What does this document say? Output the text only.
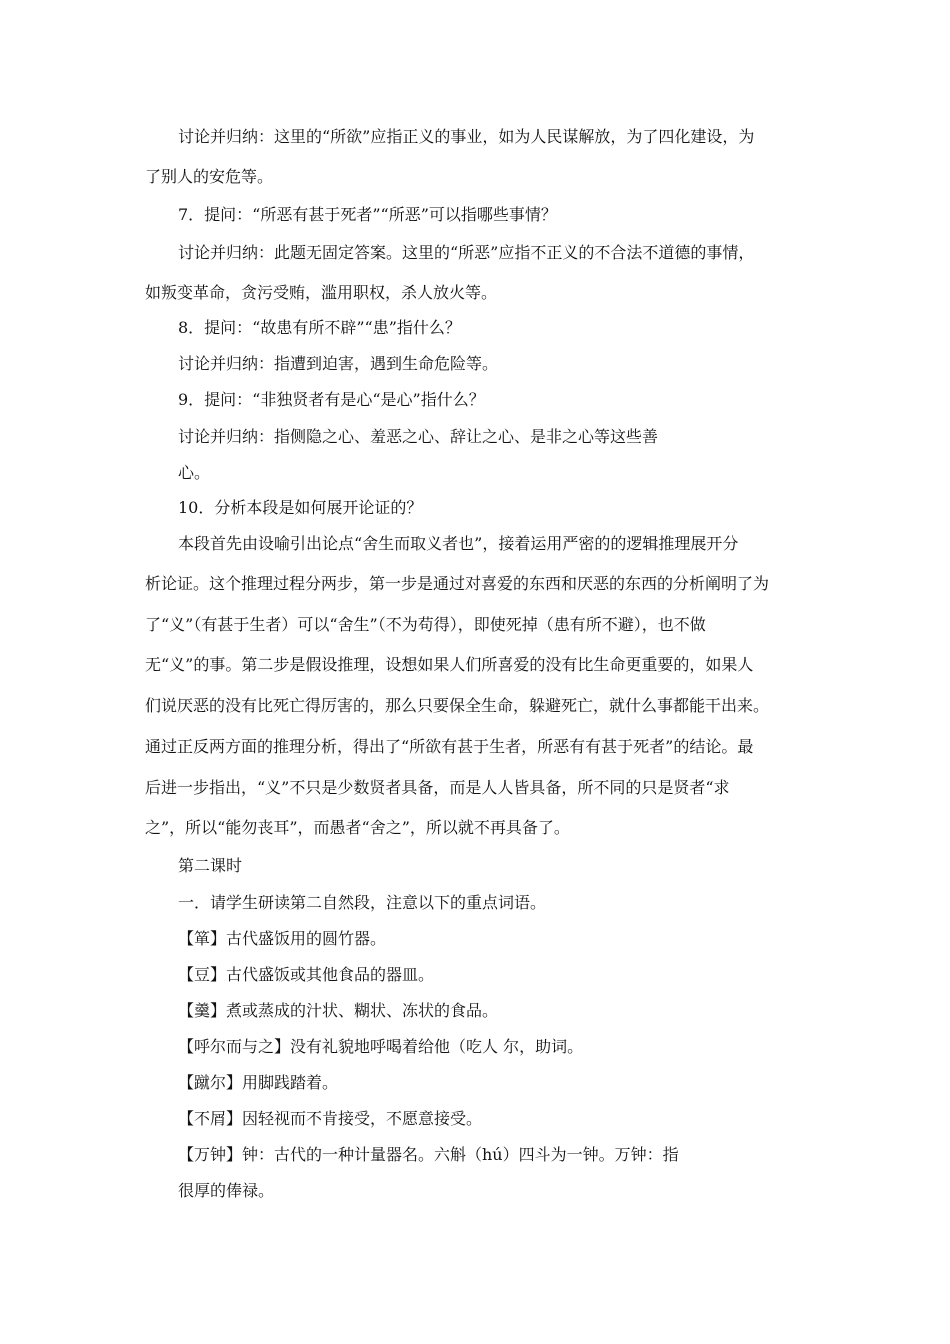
讨论并归纳：这里的“所欲”应指正义的事业，如为人民谋解放，为了四化建设，为
了别人的安危等。
7．提问：“所恶有甚于死者”“所恶”可以指哪些事情？
讨论并归纳：此题无固定答案。这里的“所恶”应指不正义的不合法不道德的事情，
如叛变革命，贪污受贿，滥用职权，杀人放火等。
8．提问：“故患有所不辟”“患”指什么？
讨论并归纳：指遭到迫害，遇到生命危险等。
9．提问：“非独贤者有是心“是心”指什么？
讨论并归纳：指侧隐之心、羞恶之心、辞让之心、是非之心等这些善
心。
10．分析本段是如何展开论证的？
本段首先由设喻引出论点“舍生而取义者也”，接着运用严密的的逻辑推理展开分
析论证。这个推理过程分两步，第一步是通过对喜爱的东西和厌恶的东西的分析阐明了为
了“义”（有甚于生者）可以“舍生”（不为苟得），即使死掉（患有所不避），也不做
无“义”的事。第二步是假设推理，设想如果人们所喜爱的没有比生命更重要的，如果人
们说厌恶的没有比死亡得厉害的，那么只要保全生命，躲避死亡，就什么事都能干出来。
通过正反两方面的推理分析，得出了“所欲有甚于生者，所恶有有甚于死者”的结论。最
后进一步指出，“义”不只是少数贤者具备，而是人人皆具备，所不同的只是贤者“求
之”，所以“能勿丧耳”，而愚者“舍之”，所以就不再具备了。
第二课时
一．请学生研读第二自然段，注意以下的重点词语。
【箪】古代盛饭用的圆竹器。
【豆】古代盛饭或其他食品的器皿。
【羹】煮或蒸成的汁状、糊状、冻状的食品。
【呼尔而与之】没有礼貌地呼喝着给他（吃人 尔，助词。
【蹴尔】用脚践踏着。
【不屑】因轻视而不肯接受，不愿意接受。
【万钟】钟：古代的一种计量器名。六斛（hú）四斗为一钟。万钟：指
很厚的俸禄。
